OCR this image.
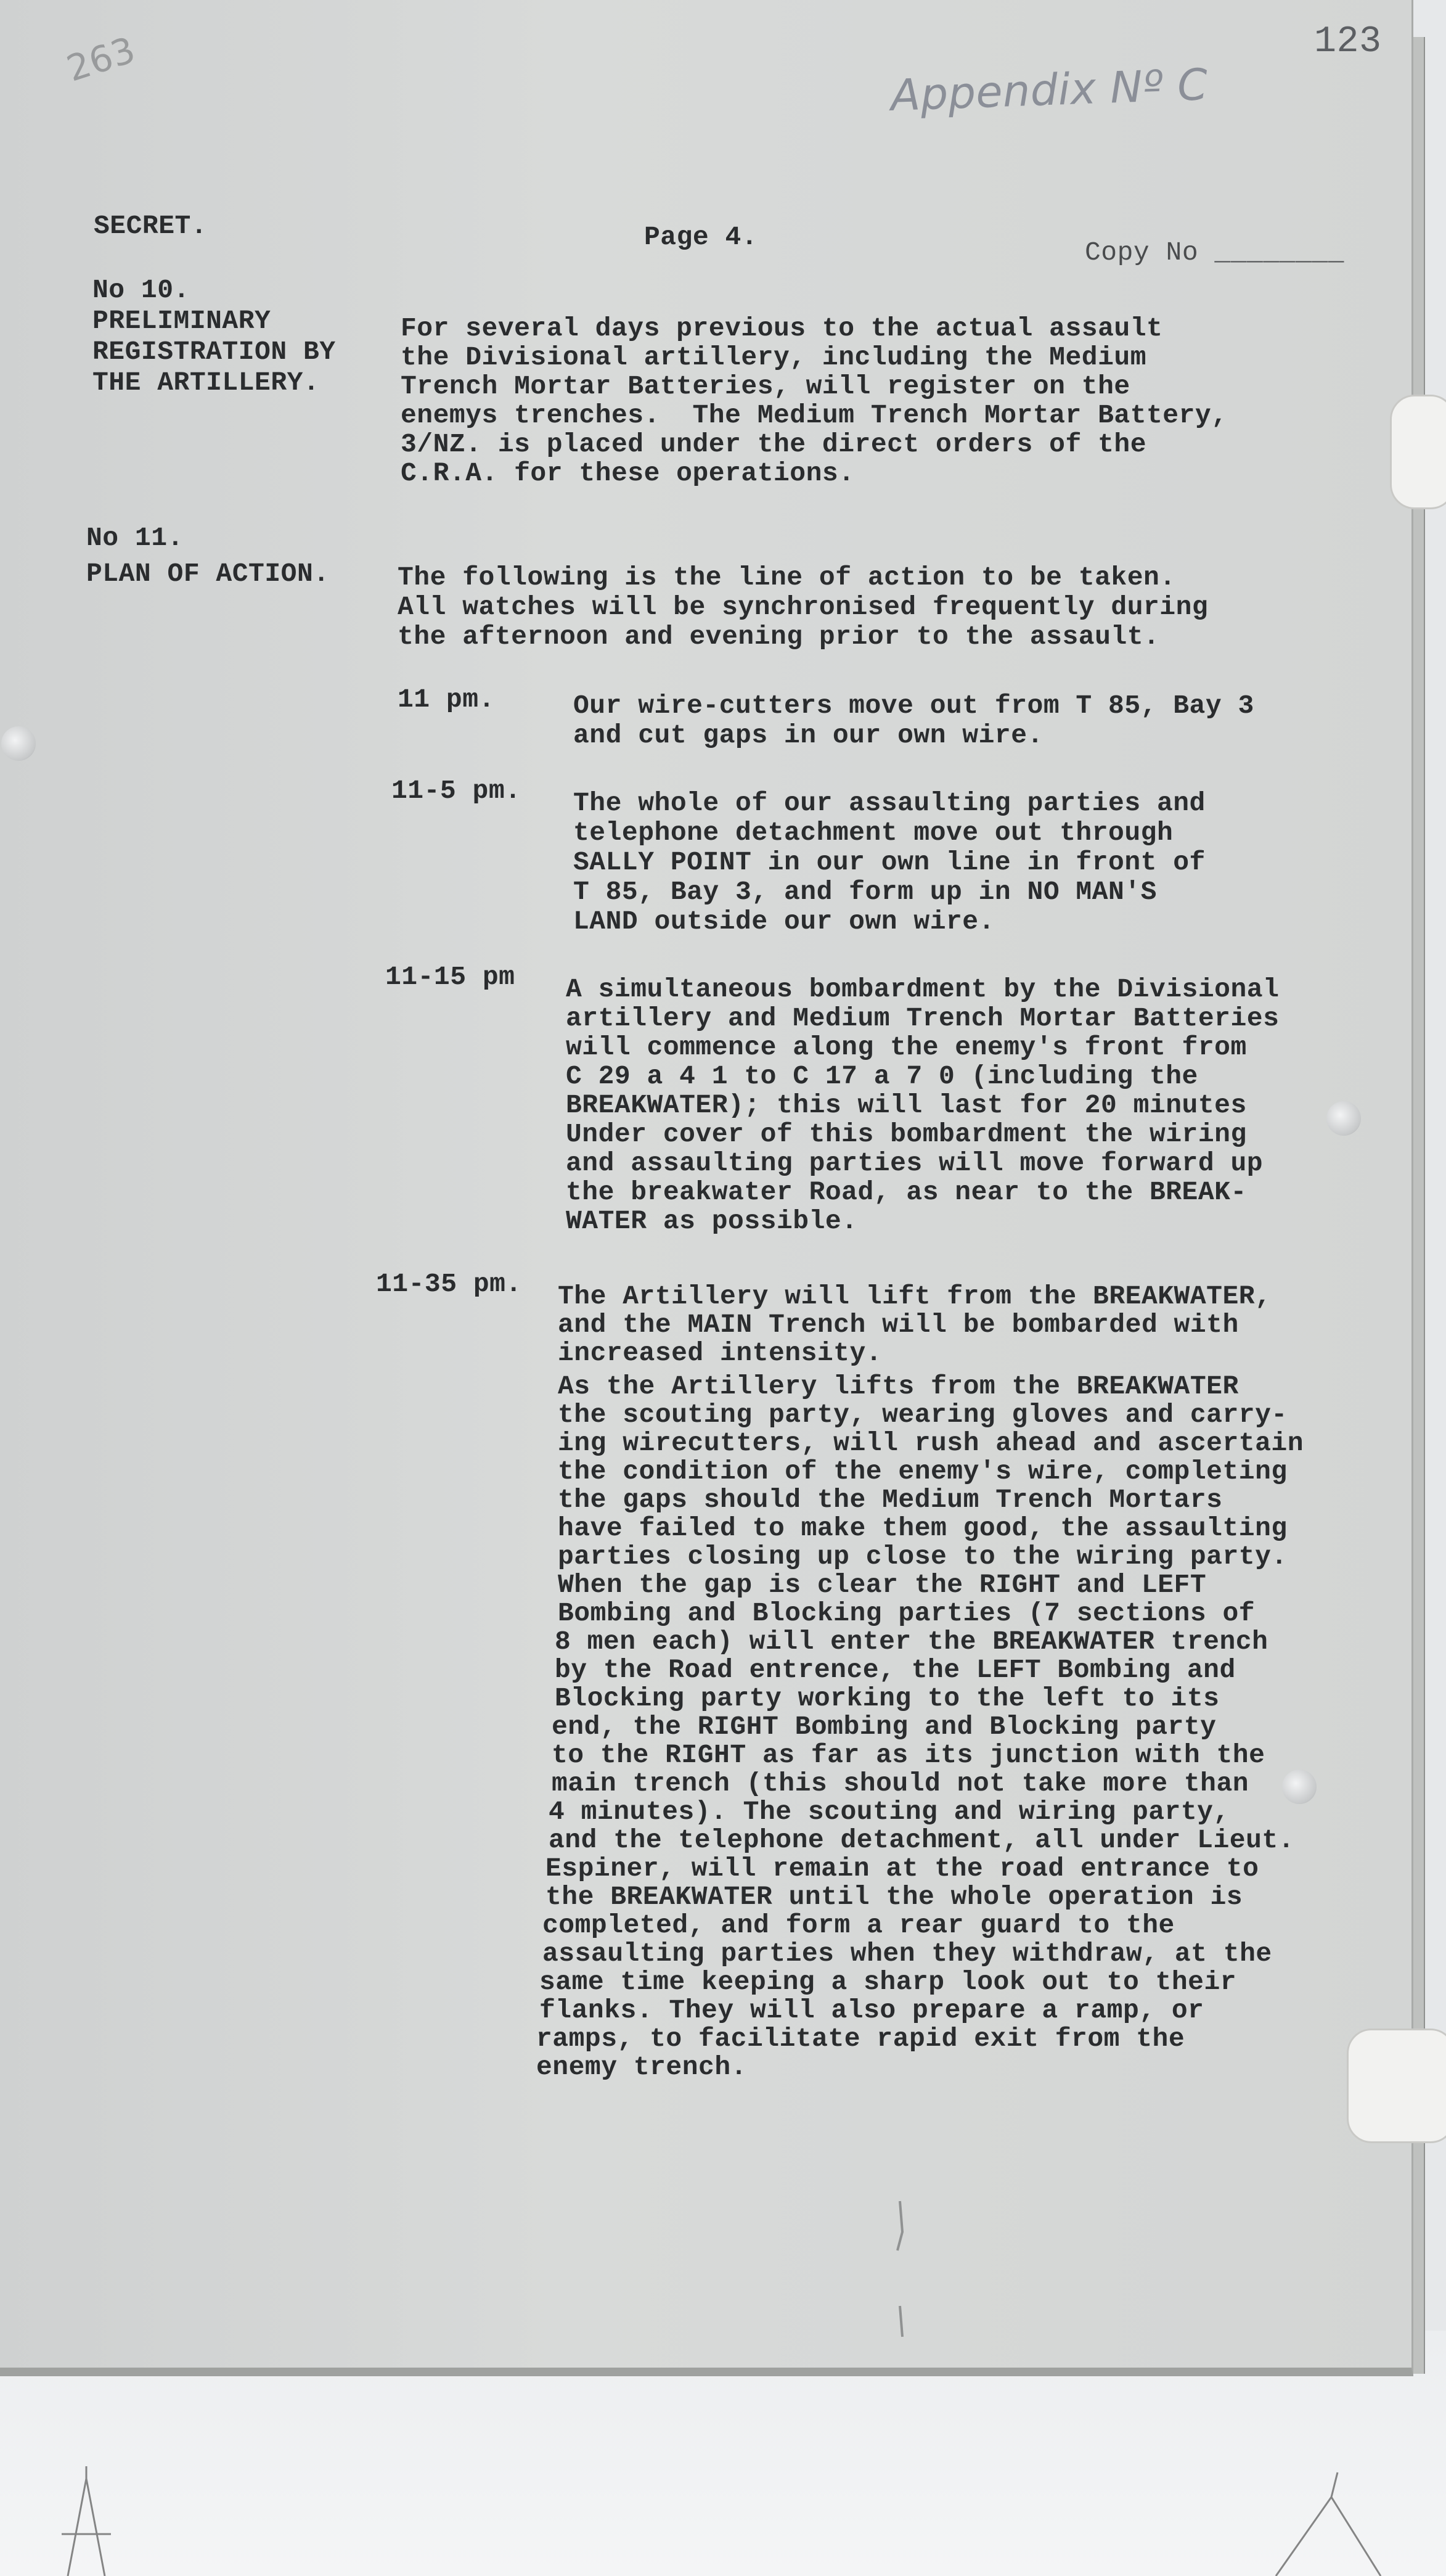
263	123
Appendix Nº C
SECRET.	Page 4.
Copy No ________
No 10.
PRELIMINARY
REGISTRATION BY
THE ARTILLERY.
For several days previous to the actual assault
the Divisional artillery, including the Medium
Trench Mortar Batteries, will register on the
enemys trenches.  The Medium Trench Mortar Battery,
3/NZ. is placed under the direct orders of the
C.R.A. for these operations.
No 11.
PLAN OF ACTION.	The following is the line of action to be taken.
All watches will be synchronised frequently during
the afternoon and evening prior to the assault.
11 pm.	Our wire-cutters move out from T 85, Bay 3
and cut gaps in our own wire.
11-5 pm. The whole of our assaulting parties and
telephone detachment move out through
SALLY POINT in our own line in front of
T 85, Bay 3, and form up in NO MAN'S
LAND outside our own wire.
11-15 pm A simultaneous bombardment by the Divisional
artillery and Medium Trench Mortar Batteries
will commence along the enemy's front from
C 29 a 4 1 to C 17 a 7 0 (including the
BREAKWATER); this will last for 20 minutes
Under cover of this bombardment the wiring
and assaulting parties will move forward up
the breakwater Road, as near to the BREAK-
WATER as possible.
11-35 pm. The Artillery will lift from the BREAKWATER,
and the MAIN Trench will be bombarded with
increased intensity.
As the Artillery lifts from the BREAKWATER
the scouting party, wearing gloves and carry-
ing wirecutters, will rush ahead and ascertain
the condition of the enemy's wire, completing
the gaps should the Medium Trench Mortars
have failed to make them good, the assaulting
parties closing up close to the wiring party.
When the gap is clear the RIGHT and LEFT
Bombing and Blocking parties (7 sections of
8 men each) will enter the BREAKWATER trench
by the Road entrence, the LEFT Bombing and
Blocking party working to the left to its
end, the RIGHT Bombing and Blocking party
to the RIGHT as far as its junction with the
main trench (this should not take more than
4 minutes). The scouting and wiring party,
and the telephone detachment, all under Lieut.
Espiner, will remain at the road entrance to
the BREAKWATER until the whole operation is
completed, and form a rear guard to the
assaulting parties when they withdraw, at the
same time keeping a sharp look out to their
flanks. They will also prepare a ramp, or
ramps, to facilitate rapid exit from the
enemy trench.
